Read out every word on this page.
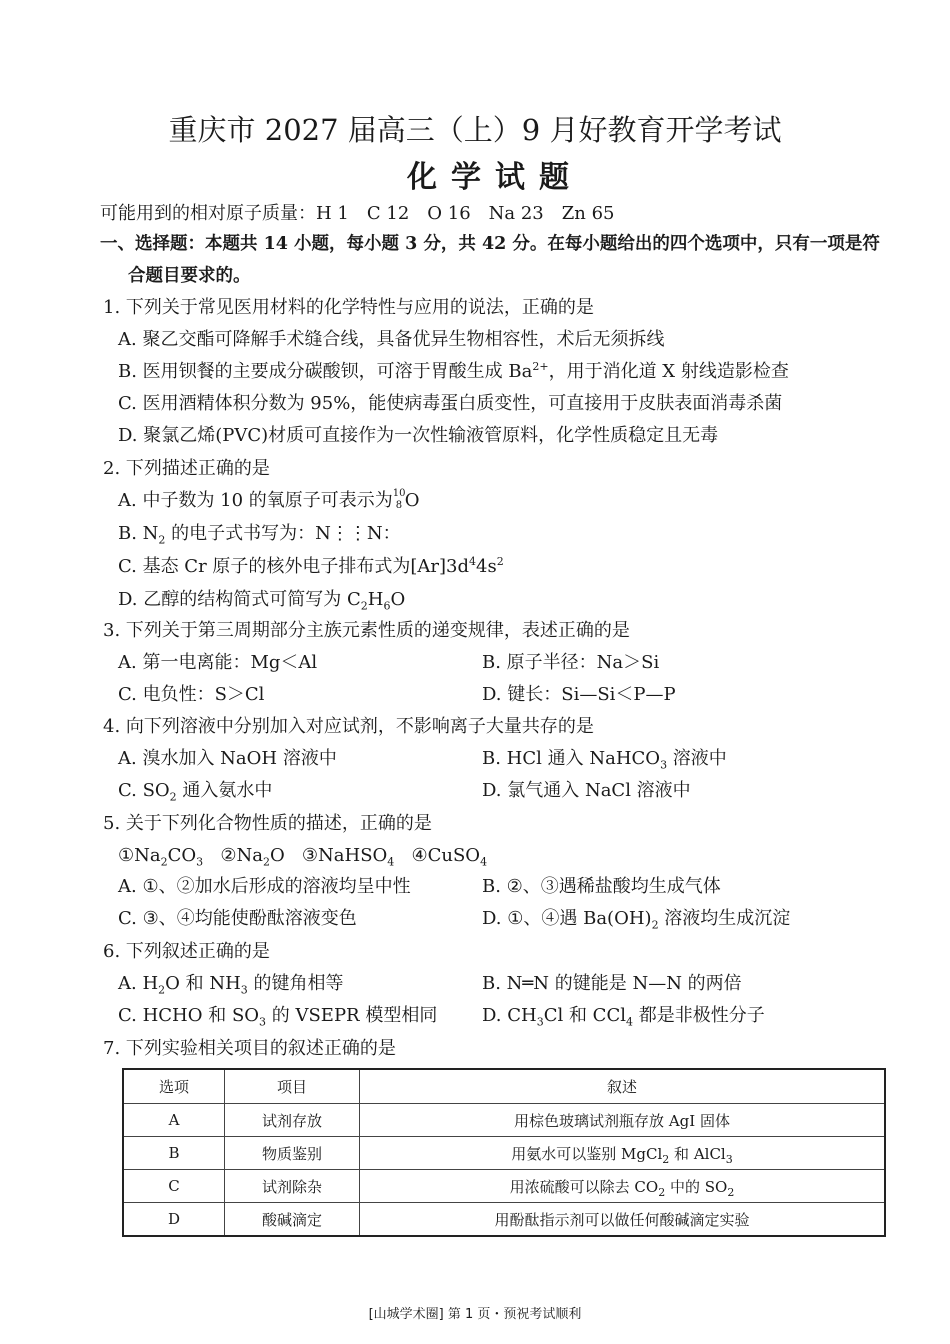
重庆市 2027 届高三（上）9 月好教育开学考试
化学试题
可能用到的相对原子质量：H 1　C 12　O 16　Na 23　Zn 65
一、选择题：本题共 14 小题，每小题 3 分，共 42 分。在每小题给出的四个选项中，只有一项是符
合题目要求的。
1. 下列关于常见医用材料的化学特性与应用的说法，正确的是
A. 聚乙交酯可降解手术缝合线，具备优异生物相容性，术后无须拆线
B. 医用钡餐的主要成分碳酸钡，可溶于胃酸生成 $Ba^{2+}$，用于消化道 X 射线造影检查
C. 医用酒精体积分数为 95%，能使病毒蛋白质变性，可直接用于皮肤表面消毒杀菌
D. 聚氯乙烯(PVC)材质可直接作为一次性输液管原料，化学性质稳定且无毒
2. 下列描述正确的是
A. 中子数为 10 的氧原子可表示为 10
8 O
B. $N_2$ 的电子式书写为：N⋮⋮N：
C. 基态 Cr 原子的核外电子排布式为$[Ar]3d^44s^2$
D. 乙醇的结构简式可简写为 $C_2H_6O$
3. 下列关于第三周期部分主族元素性质的递变规律，表述正确的是
A. 第一电离能：Mg＜Al	B. 原子半径：Na＞Si
C. 电负性：S＞Cl	D. 键长：Si—Si＜P—P
4. 向下列溶液中分别加入对应试剂，不影响离子大量共存的是
A. 溴水加入 NaOH 溶液中	B. HCl 通入 NaHCO$_3$ 溶液中
C. $SO_2$ 通入氨水中	D. 氯气通入 NaCl 溶液中
5. 关于下列化合物性质的描述，正确的是
$①Na_2CO_3$ $②Na_2O$ ③NaHSO$_4$ ④CuSO$_4$
A. ①、②加水后形成的溶液均呈中性	B. ②、③遇稀盐酸均生成气体
C. ③、④均能使酚酞溶液变色	D. ①、④遇 $Ba(OH)_2$ 溶液均生成沉淀
6. 下列叙述正确的是
A. $H_2O$ 和 $NH_3$ 的键角相等	B. N═N 的键能是 N—N 的两倍
C. HCHO 和 $SO_3$ 的 VSEPR 模型相同 D. $CH_3Cl$ 和 CCl$_4$ 都是非极性分子
7. 下列实验相关项目的叙述正确的是
选项	项目	叙述
A	试剂存放	用棕色玻璃试剂瓶存放 AgI 固体
B	物质鉴别	用氨水可以鉴别 MgCl$_2$ 和 AlCl$_3$
C	试剂除杂	用浓硫酸可以除去 $CO_2$ 中的 $SO_2$
D	酸碱滴定	用酚酞指示剂可以做任何酸碱滴定实验
[山城学术圈] 第 1 页・预祝考试顺利
